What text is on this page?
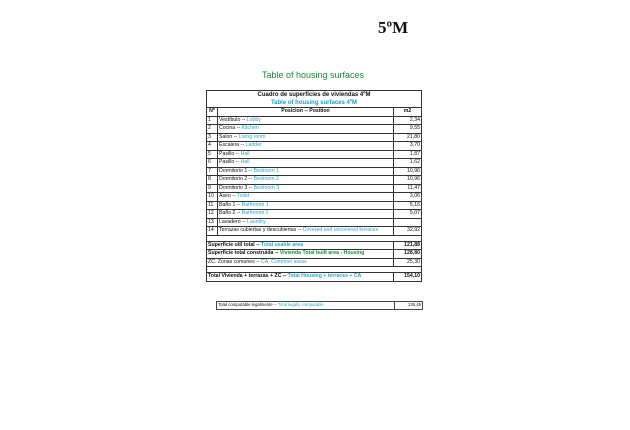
5ºM
Table of housing surfaces
Cuadro de superficies de viviendas 4ºM		
Table of housing surfaces 4ºM		
Nº	Posicion -- Position	m2
1	Vestíbulo -- Lobby	2,34
2	Cocina -- Kitchen	9,55
3	Salon -- Living room	21,80
4	Escalera -- Ladder	3,70
5	Pasillo -- Hall	1,87
6	Pasillo -- Hall	1,62
7	Dormitorio 1 -- Bedroom 1	10,96
8	Dormitorio 2 -- Bedroom 2	10,96
9	Dormitorio 3 -- Bedroom 3	11,47
10	Aseo -- Toilet	3,06
11	Baño 1 -- Bathroom 1	5,16
12	Baño 2 -- Bathroom 2	5,07
13	Lavadero -- Laundry	
14	Terrazas cubiertas y descubiertas -- Covered and uncovered terraces	32,92

Superficie util total -- Total usable area		121,88
Superficie total construida -- Vivienda Total built area - Housing		128,80
ZC. Zonas comunes -- CA. Common areas		25,30

Total Vivienda + terrazas + ZC -- Total Housing + terraces + CA		154,10
Total computable legalmente -- Total legally computable	135,45
